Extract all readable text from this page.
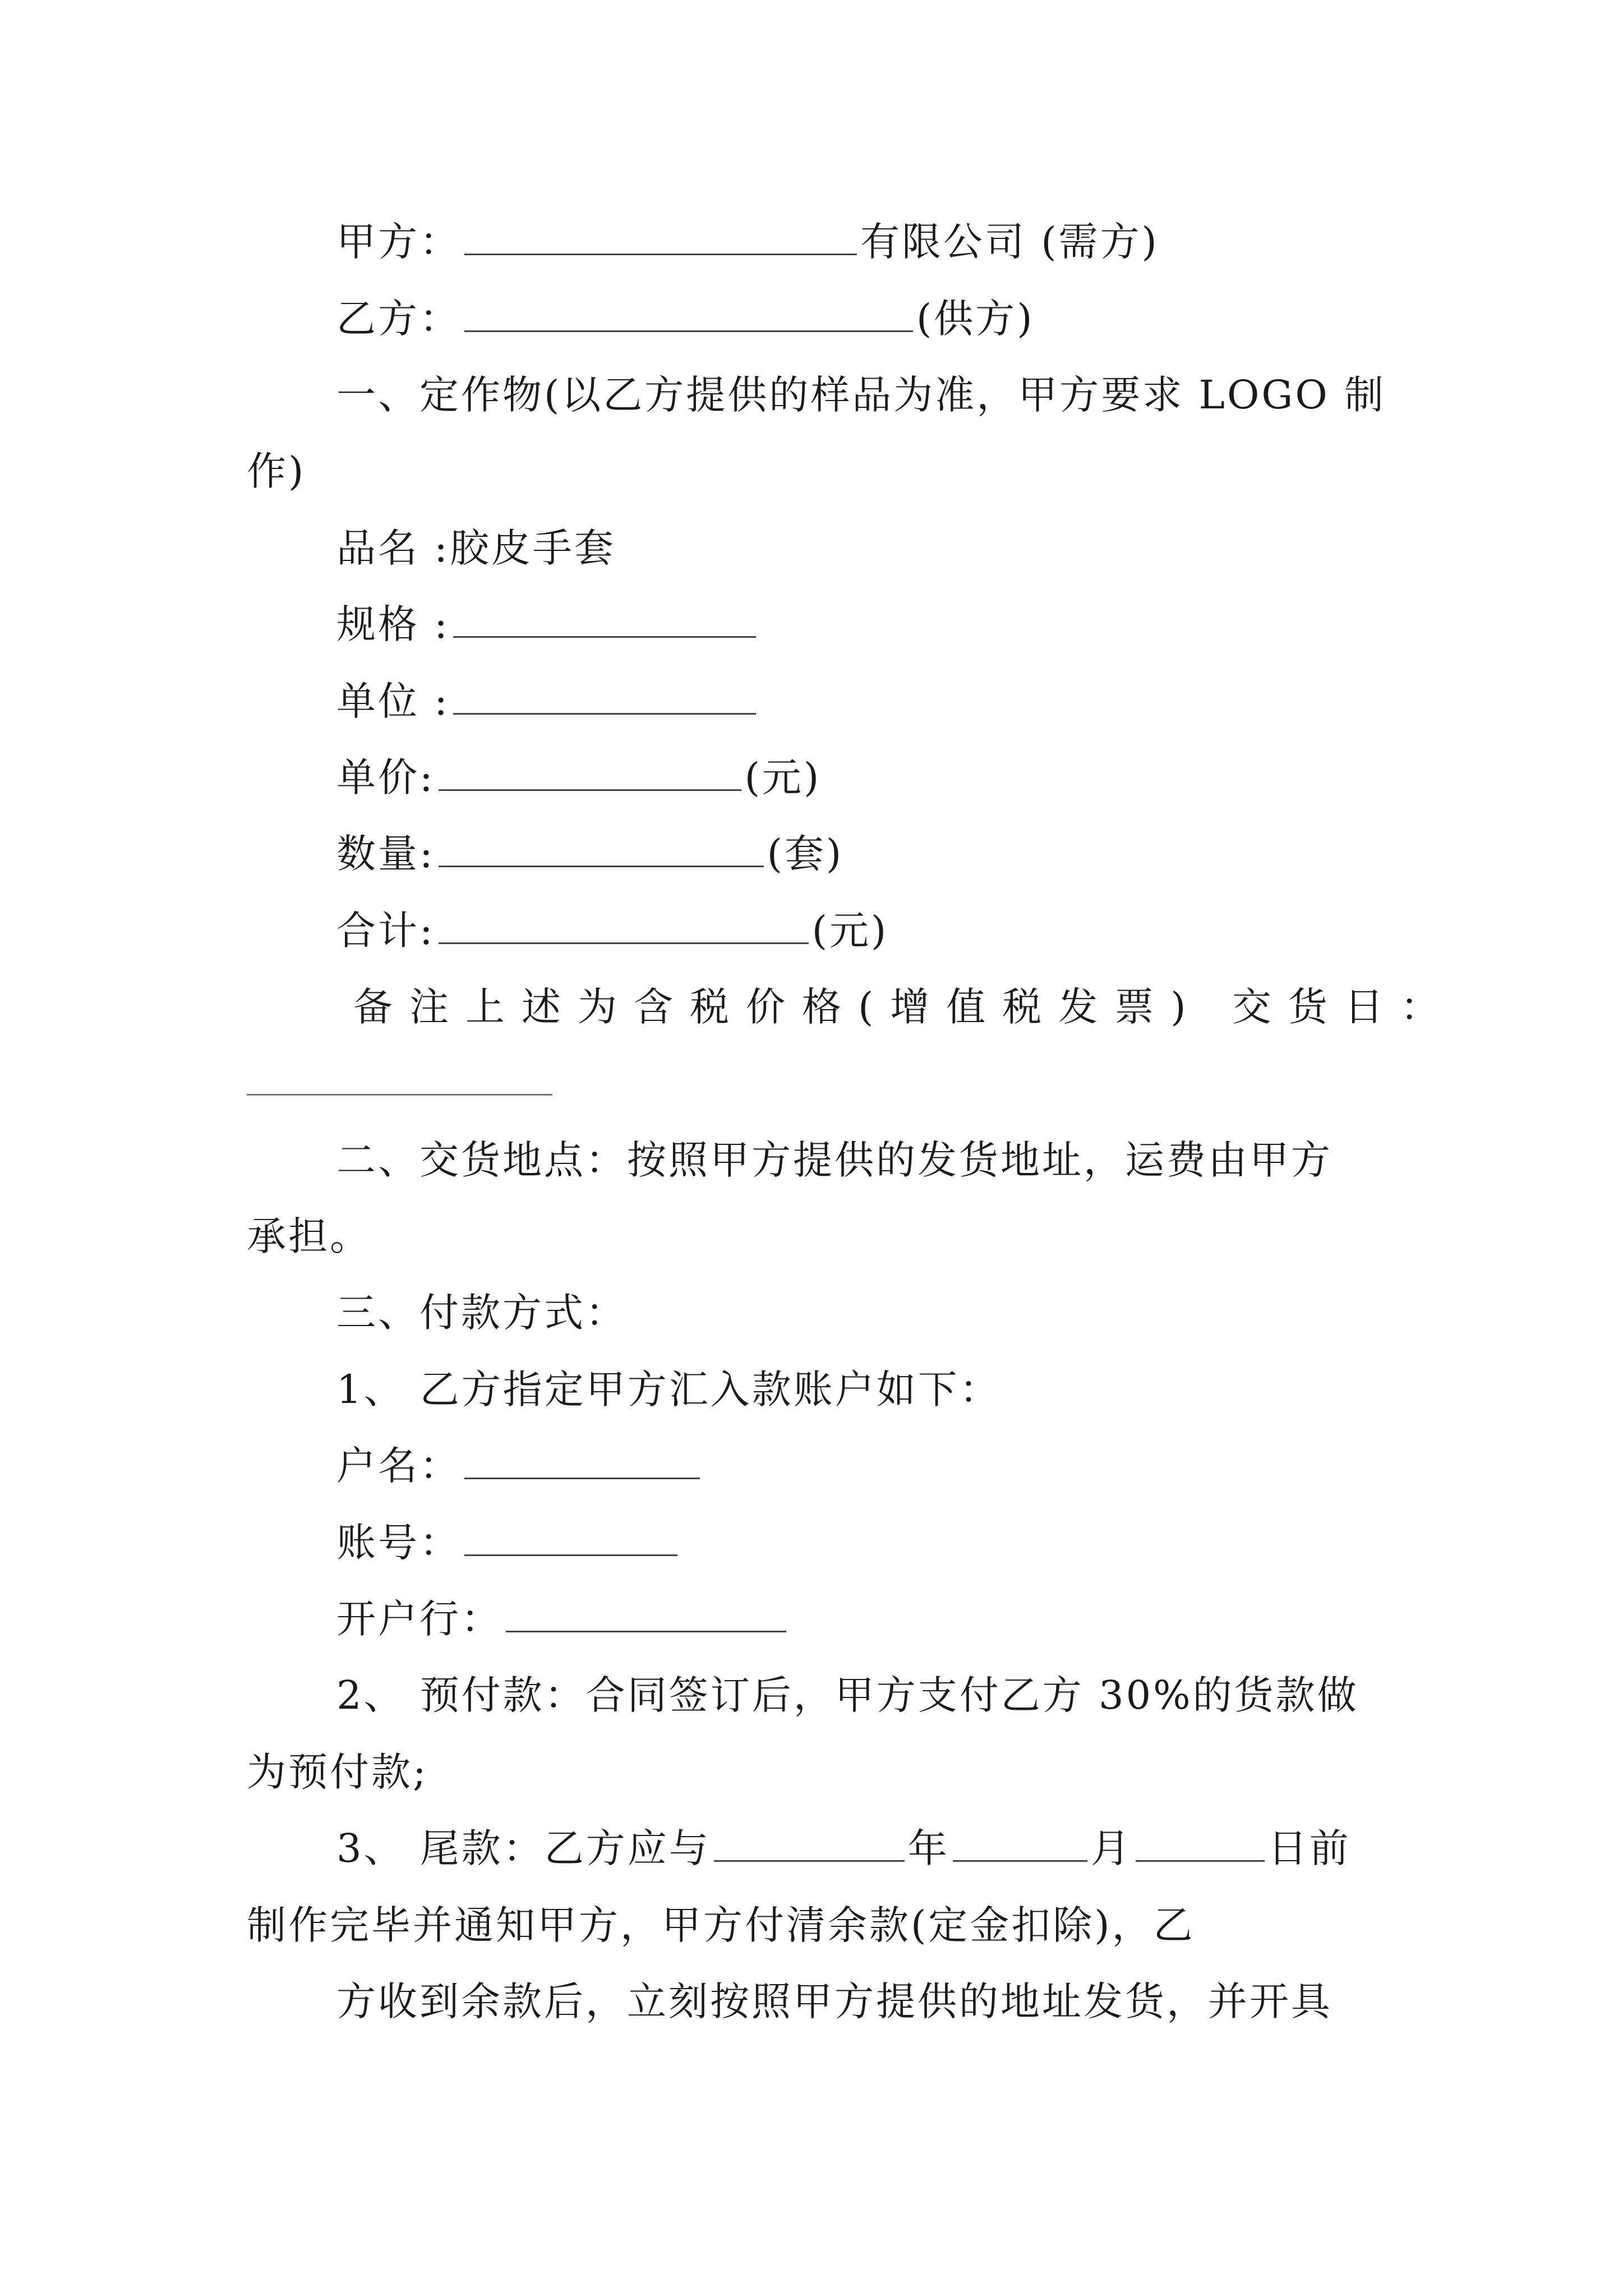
甲方：	有限公司 (需方)
乙方：	(供方)
一、定作物(以乙方提供的样品为准，甲方要求 LOGO 制
作)
品名 :胶皮手套
规格 :
单位 :
单价:	(元)
数量:	(套)
合计:	(元)
备注上述为含税价格(增值税发票) 交货日：
二、交货地点：按照甲方提供的发货地址，运费由甲方
承担。
三、付款方式：
1、 乙方指定甲方汇入款账户如下：
户名：
账号：
开户行：
2、 预付款：合同签订后，甲方支付乙方 30%的货款做
为预付款;
3、 尾款：乙方应与	年	月	日前
制作完毕并通知甲方，甲方付清余款(定金扣除)，乙
方收到余款后，立刻按照甲方提供的地址发货，并开具
